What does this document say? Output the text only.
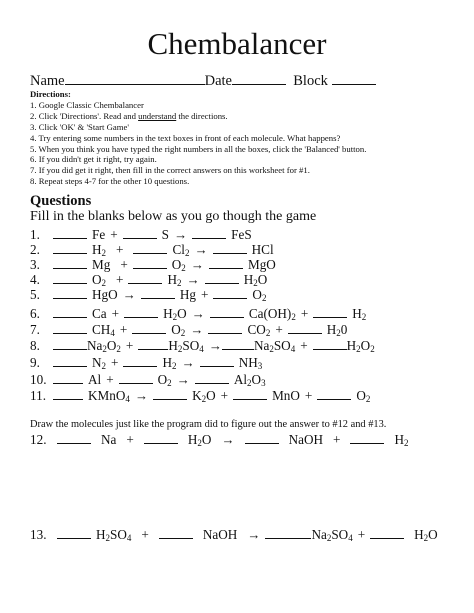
Chembalancer
Name	Date	Block
Directions:
1. Google Classic Chembalancer
2. Click 'Directions'. Read and understand the directions.
3. Click 'OK' & 'Start Game'
4. Try entering some numbers in the text boxes in front of each molecule. What happens?
5. When you think you have typed the right numbers in all the boxes, click the 'Balanced' button.
6. If you didn't get it right, try again.
7. If you did get it right, then fill in the correct answers on this worksheet for #1.
8. Repeat steps 4-7 for the other 10 questions.
Questions
Fill in the blanks below as you go though the game
1.	Fe +	S →	FeS
2.	$H_2$ +	$Cl_2$ →	HCl
3.	Mg +	$O_2$ →	MgO
4.	$O_2$ +	$H_2$ →	$H_2O$
5.	HgO →	Hg +	$O_2$
6.	Ca +	$H_2O$ →	$Ca(OH)_2$ +	$H_2$
7.	$CH_4$ +	$O_2$ →	$CO_2$ +	$H_20$
8.	$Na_2O_2$ +	$H_2SO_4 \to Na_2SO_4$ +	$H_2O_2$
9.	$N_2$ +	$H_2$ →	$NH_3$
10.	Al +	$O_2$ →	$Al_2O_3$
11.	KMnO$_4$ →	$K_2O$ +	MnO +	$O_2$
Draw the molecules just like the program did to figure out the answer to #12 and #13.
12.	Na +	$H_2O$ →	NaOH +	$H_2$
13.	$H_2SO_4$ +	NaOH →	$Na_2SO_4$ +	$H_2O$
